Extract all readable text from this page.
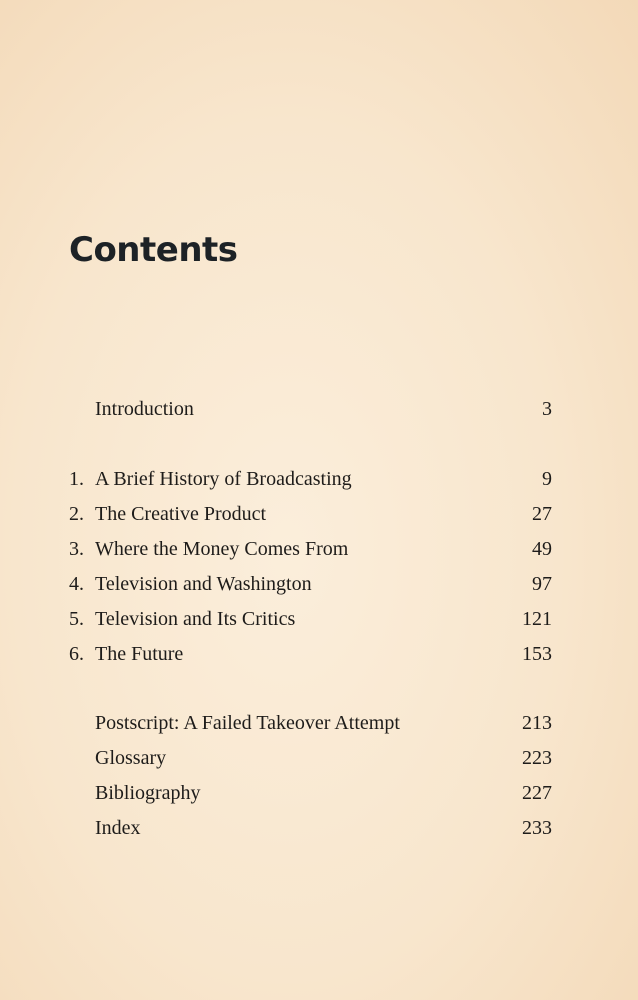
Contents
Introduction	3
1. A Brief History of Broadcasting	9
2. The Creative Product	27
3. Where the Money Comes From	49
4. Television and Washington	97
5. Television and Its Critics	121
6. The Future	153
Postscript: A Failed Takeover Attempt	213
Glossary	223
Bibliography	227
Index	233
